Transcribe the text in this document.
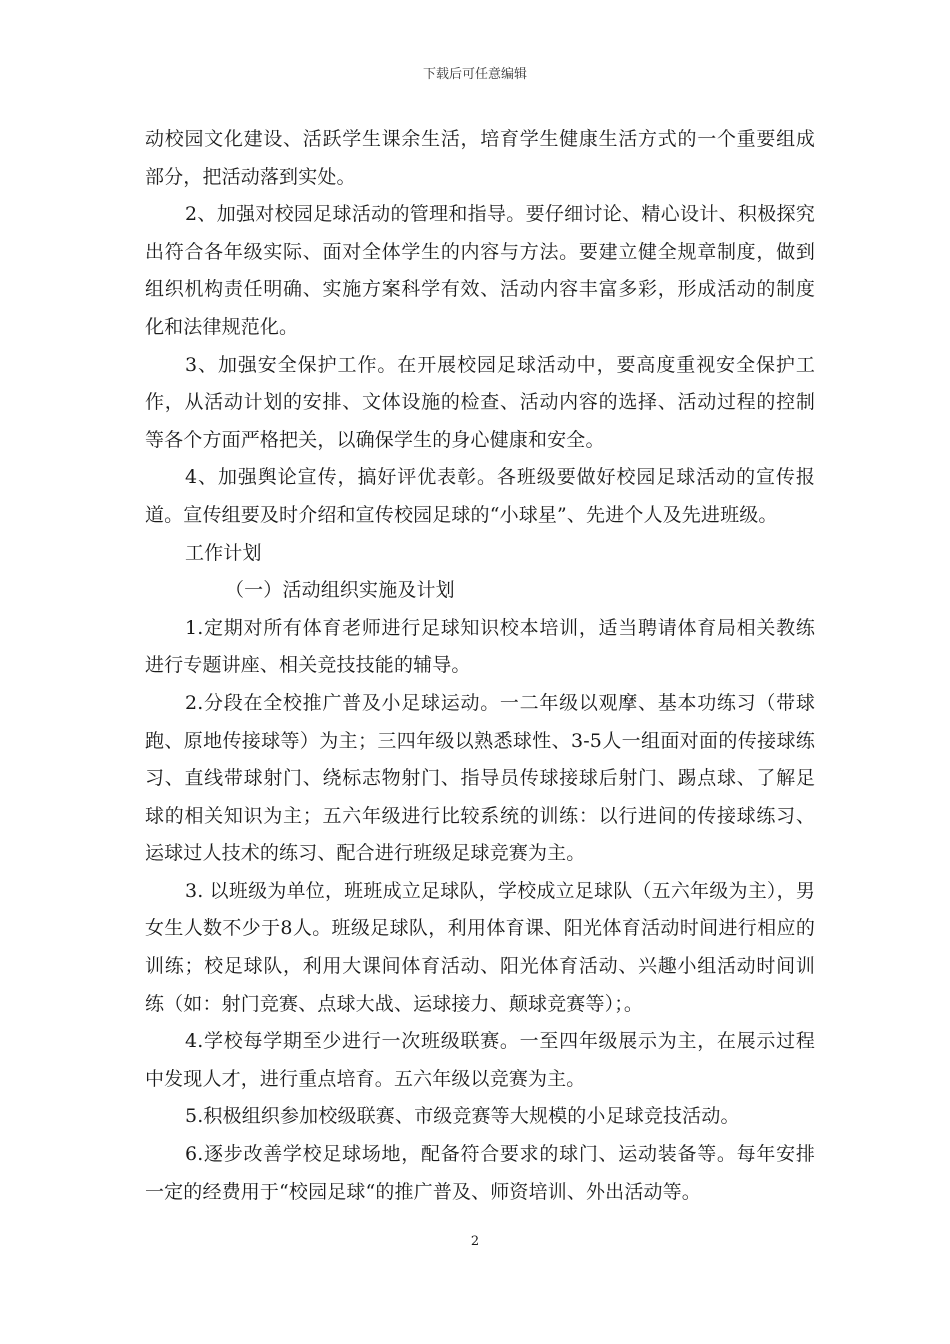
下载后可任意编辑

动校园文化建设、活跃学生课余生活，培育学生健康生活方式的一个重要组成部分，把活动落到实处。

2、加强对校园足球活动的管理和指导。要仔细讨论、精心设计、积极探究出符合各年级实际、面对全体学生的内容与方法。要建立健全规章制度，做到组织机构责任明确、实施方案科学有效、活动内容丰富多彩，形成活动的制度化和法律规范化。

3、加强安全保护工作。在开展校园足球活动中，要高度重视安全保护工作，从活动计划的安排、文体设施的检查、活动内容的选择、活动过程的控制等各个方面严格把关，以确保学生的身心健康和安全。

4、加强舆论宣传，搞好评优表彰。各班级要做好校园足球活动的宣传报道。宣传组要及时介绍和宣传校园足球的“小球星”、先进个人及先进班级。

工作计划

（一）活动组织实施及计划

1.定期对所有体育老师进行足球知识校本培训，适当聘请体育局相关教练进行专题讲座、相关竞技技能的辅导。

2.分段在全校推广普及小足球运动。一二年级以观摩、基本功练习（带球跑、原地传接球等）为主；三四年级以熟悉球性、3-5人一组面对面的传接球练习、直线带球射门、绕标志物射门、指导员传球接球后射门、踢点球、了解足球的相关知识为主；五六年级进行比较系统的训练：以行进间的传接球练习、运球过人技术的练习、配合进行班级足球竞赛为主。

3. 以班级为单位，班班成立足球队，学校成立足球队（五六年级为主），男女生人数不少于8人。班级足球队，利用体育课、阳光体育活动时间进行相应的训练；校足球队，利用大课间体育活动、阳光体育活动、兴趣小组活动时间训练（如：射门竞赛、点球大战、运球接力、颠球竞赛等）；。

4.学校每学期至少进行一次班级联赛。一至四年级展示为主，在展示过程中发现人才，进行重点培育。五六年级以竞赛为主。

5.积极组织参加校级联赛、市级竞赛等大规模的小足球竞技活动。

6.逐步改善学校足球场地，配备符合要求的球门、运动装备等。每年安排一定的经费用于“校园足球“的推广普及、师资培训、外出活动等。

2
